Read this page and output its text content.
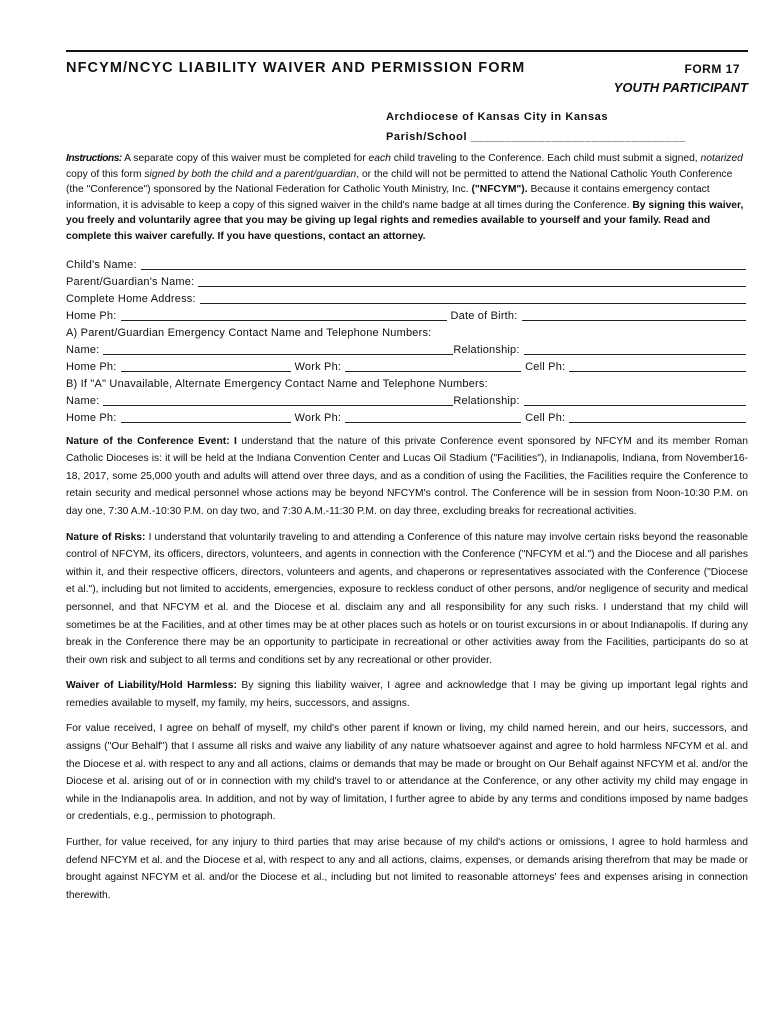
NFCYM/NCYC LIABILITY WAIVER AND PERMISSION FORM	FORM 17
YOUTH PARTICIPANT
Archdiocese of Kansas City in Kansas
Parish/School ________________________________
Instructions: A separate copy of this waiver must be completed for each child traveling to the Conference. Each child must submit a signed, notarized copy of this form signed by both the child and a parent/guardian, or the child will not be permitted to attend the National Catholic Youth Conference (the "Conference") sponsored by the National Federation for Catholic Youth Ministry, Inc. ("NFCYM"). Because it contains emergency contact information, it is advisable to keep a copy of this signed waiver in the child's name badge at all times during the Conference. By signing this waiver, you freely and voluntarily agree that you may be giving up legal rights and remedies available to yourself and your family. Read and complete this waiver carefully. If you have questions, contact an attorney.
Child's Name:
Parent/Guardian's Name:
Complete Home Address:
Home Ph:	Date of Birth:
A) Parent/Guardian Emergency Contact Name and Telephone Numbers:
Name:	Relationship:
Home Ph:	Work Ph:	Cell Ph:
B) If "A" Unavailable, Alternate Emergency Contact Name and Telephone Numbers:
Name:	Relationship:
Home Ph:	Work Ph:	Cell Ph:

Nature of the Conference Event: I understand that the nature of this private Conference event sponsored by NFCYM and its member Roman Catholic Dioceses is: it will be held at the Indiana Convention Center and Lucas Oil Stadium ("Facilities"), in Indianapolis, Indiana, from November16-18, 2017, some 25,000 youth and adults will attend over three days, and as a condition of using the Facilities, the Facilities require the Conference to retain security and medical personnel whose actions may be beyond NFCYM's control. The Conference will be in session from Noon-10:30 P.M. on day one, 7:30 A.M.-10:30 P.M. on day two, and 7:30 A.M.-11:30 P.M. on day three, excluding breaks for recreational activities.

Nature of Risks: I understand that voluntarily traveling to and attending a Conference of this nature may involve certain risks beyond the reasonable control of NFCYM, its officers, directors, volunteers, and agents in connection with the Conference ("NFCYM et al.") and the Diocese and all parishes within it, and their respective officers, directors, volunteers and agents, and chaperons or representatives associated with the Conference ("Diocese et al."), including but not limited to accidents, emergencies, exposure to reckless conduct of other persons, and/or negligence of security and medical personnel, and that NFCYM et al. and the Diocese et al. disclaim any and all responsibility for any such risks. I understand that my child will sometimes be at the Facilities, and at other times may be at other places such as hotels or on tourist excursions in or about Indianapolis. If during any break in the Conference there may be an opportunity to participate in recreational or other activities away from the Facilities, participants do so at their own risk and subject to all terms and conditions set by any recreational or other provider.

Waiver of Liability/Hold Harmless: By signing this liability waiver, I agree and acknowledge that I may be giving up important legal rights and remedies available to myself, my family, my heirs, successors, and assigns.

For value received, I agree on behalf of myself, my child's other parent if known or living, my child named herein, and our heirs, successors, and assigns ("Our Behalf") that I assume all risks and waive any liability of any nature whatsoever against and agree to hold harmless NFCYM et al. and the Diocese et al. with respect to any and all actions, claims or demands that may be made or brought on Our Behalf against NFCYM et al. and/or the Diocese et al. arising out of or in connection with my child's travel to or attendance at the Conference, or any other activity my child may engage in while in the Indianapolis area. In addition, and not by way of limitation, I further agree to abide by any terms and conditions imposed by name badges or credentials, e.g., permission to photograph.

Further, for value received, for any injury to third parties that may arise because of my child's actions or omissions, I agree to hold harmless and defend NFCYM et al. and the Diocese et al, with respect to any and all actions, claims, expenses, or demands arising therefrom that may be made or brought against NFCYM et al. and/or the Diocese et al., including but not limited to reasonable attorneys' fees and expenses arising in connection therewith.
